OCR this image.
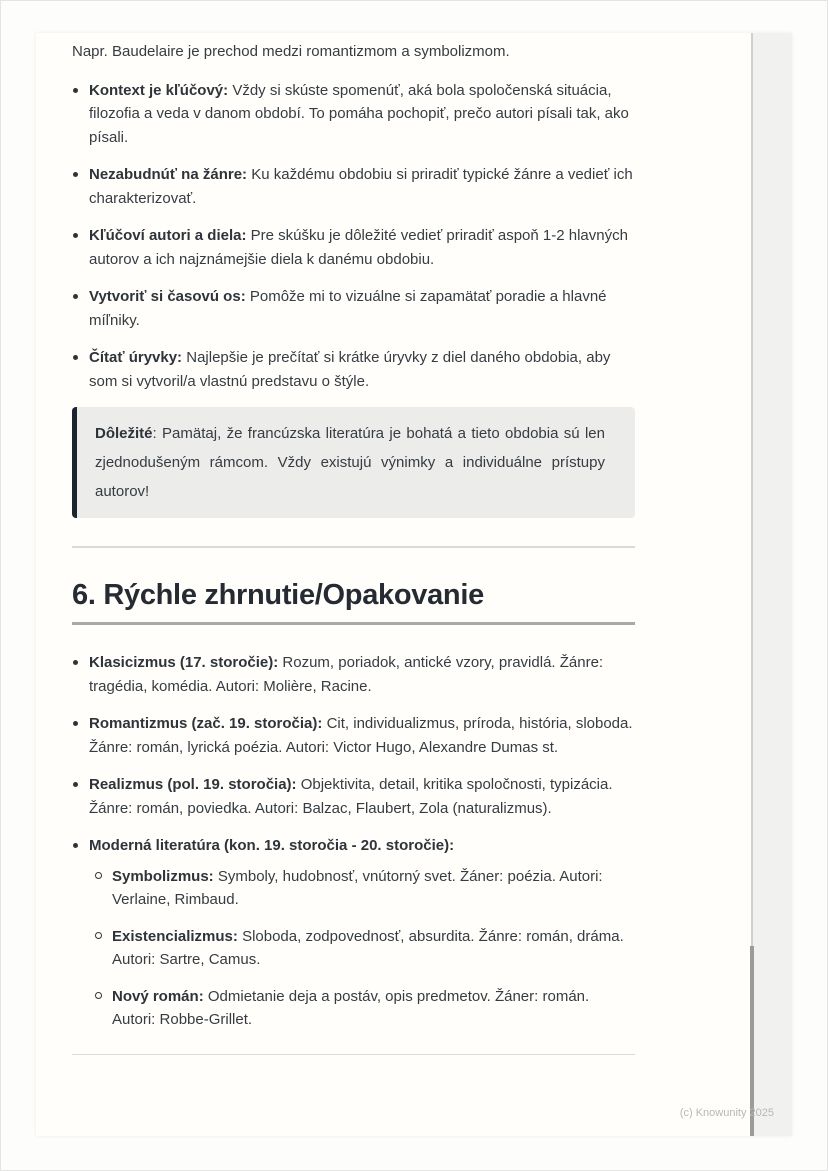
Napr. Baudelaire je prechod medzi romantizmom a symbolizmom.

Kontext je kľúčový: Vždy si skúste spomenúť, aká bola spoločenská situácia, filozofia a veda v danom období. To pomáha pochopiť, prečo autori písali tak, ako písali.
Nezabudnúť na žánre: Ku každému obdobiu si priradiť typické žánre a vedieť ich charakterizovať.
Kľúčoví autori a diela: Pre skúšku je dôležité vedieť priradiť aspoň 1-2 hlavných autorov a ich najznámejšie diela k danému obdobiu.
Vytvoriť si časovú os: Pomôže mi to vizuálne si zapamätať poradie a hlavné míľniky.
Čítať úryvky: Najlepšie je prečítať si krátke úryvky z diel daného obdobia, aby som si vytvoril/a vlastnú predstavu o štýle.

Dôležité: Pamätaj, že francúzska literatúra je bohatá a tieto obdobia sú len zjednodušeným rámcom. Vždy existujú výnimky a individuálne prístupy autorov!

6. Rýchle zhrnutie/Opakovanie
Klasicizmus (17. storočie): Rozum, poriadok, antické vzory, pravidlá. Žánre: tragédia, komédia. Autori: Molière, Racine.
Romantizmus (zač. 19. storočia): Cit, individualizmus, príroda, história, sloboda. Žánre: román, lyrická poézia. Autori: Victor Hugo, Alexandre Dumas st.
Realizmus (pol. 19. storočia): Objektivita, detail, kritika spoločnosti, typizácia. Žánre: román, poviedka. Autori: Balzac, Flaubert, Zola (naturalizmus).
Moderná literatúra (kon. 19. storočia - 20. storočie):
Symbolizmus: Symboly, hudobnosť, vnútorný svet. Žáner: poézia. Autori: Verlaine, Rimbaud.
Existencializmus: Sloboda, zodpovednosť, absurdita. Žánre: román, dráma. Autori: Sartre, Camus.
Nový román: Odmietanie deja a postáv, opis predmetov. Žáner: román. Autori: Robbe-Grillet.
(c) Knowunity 2025
